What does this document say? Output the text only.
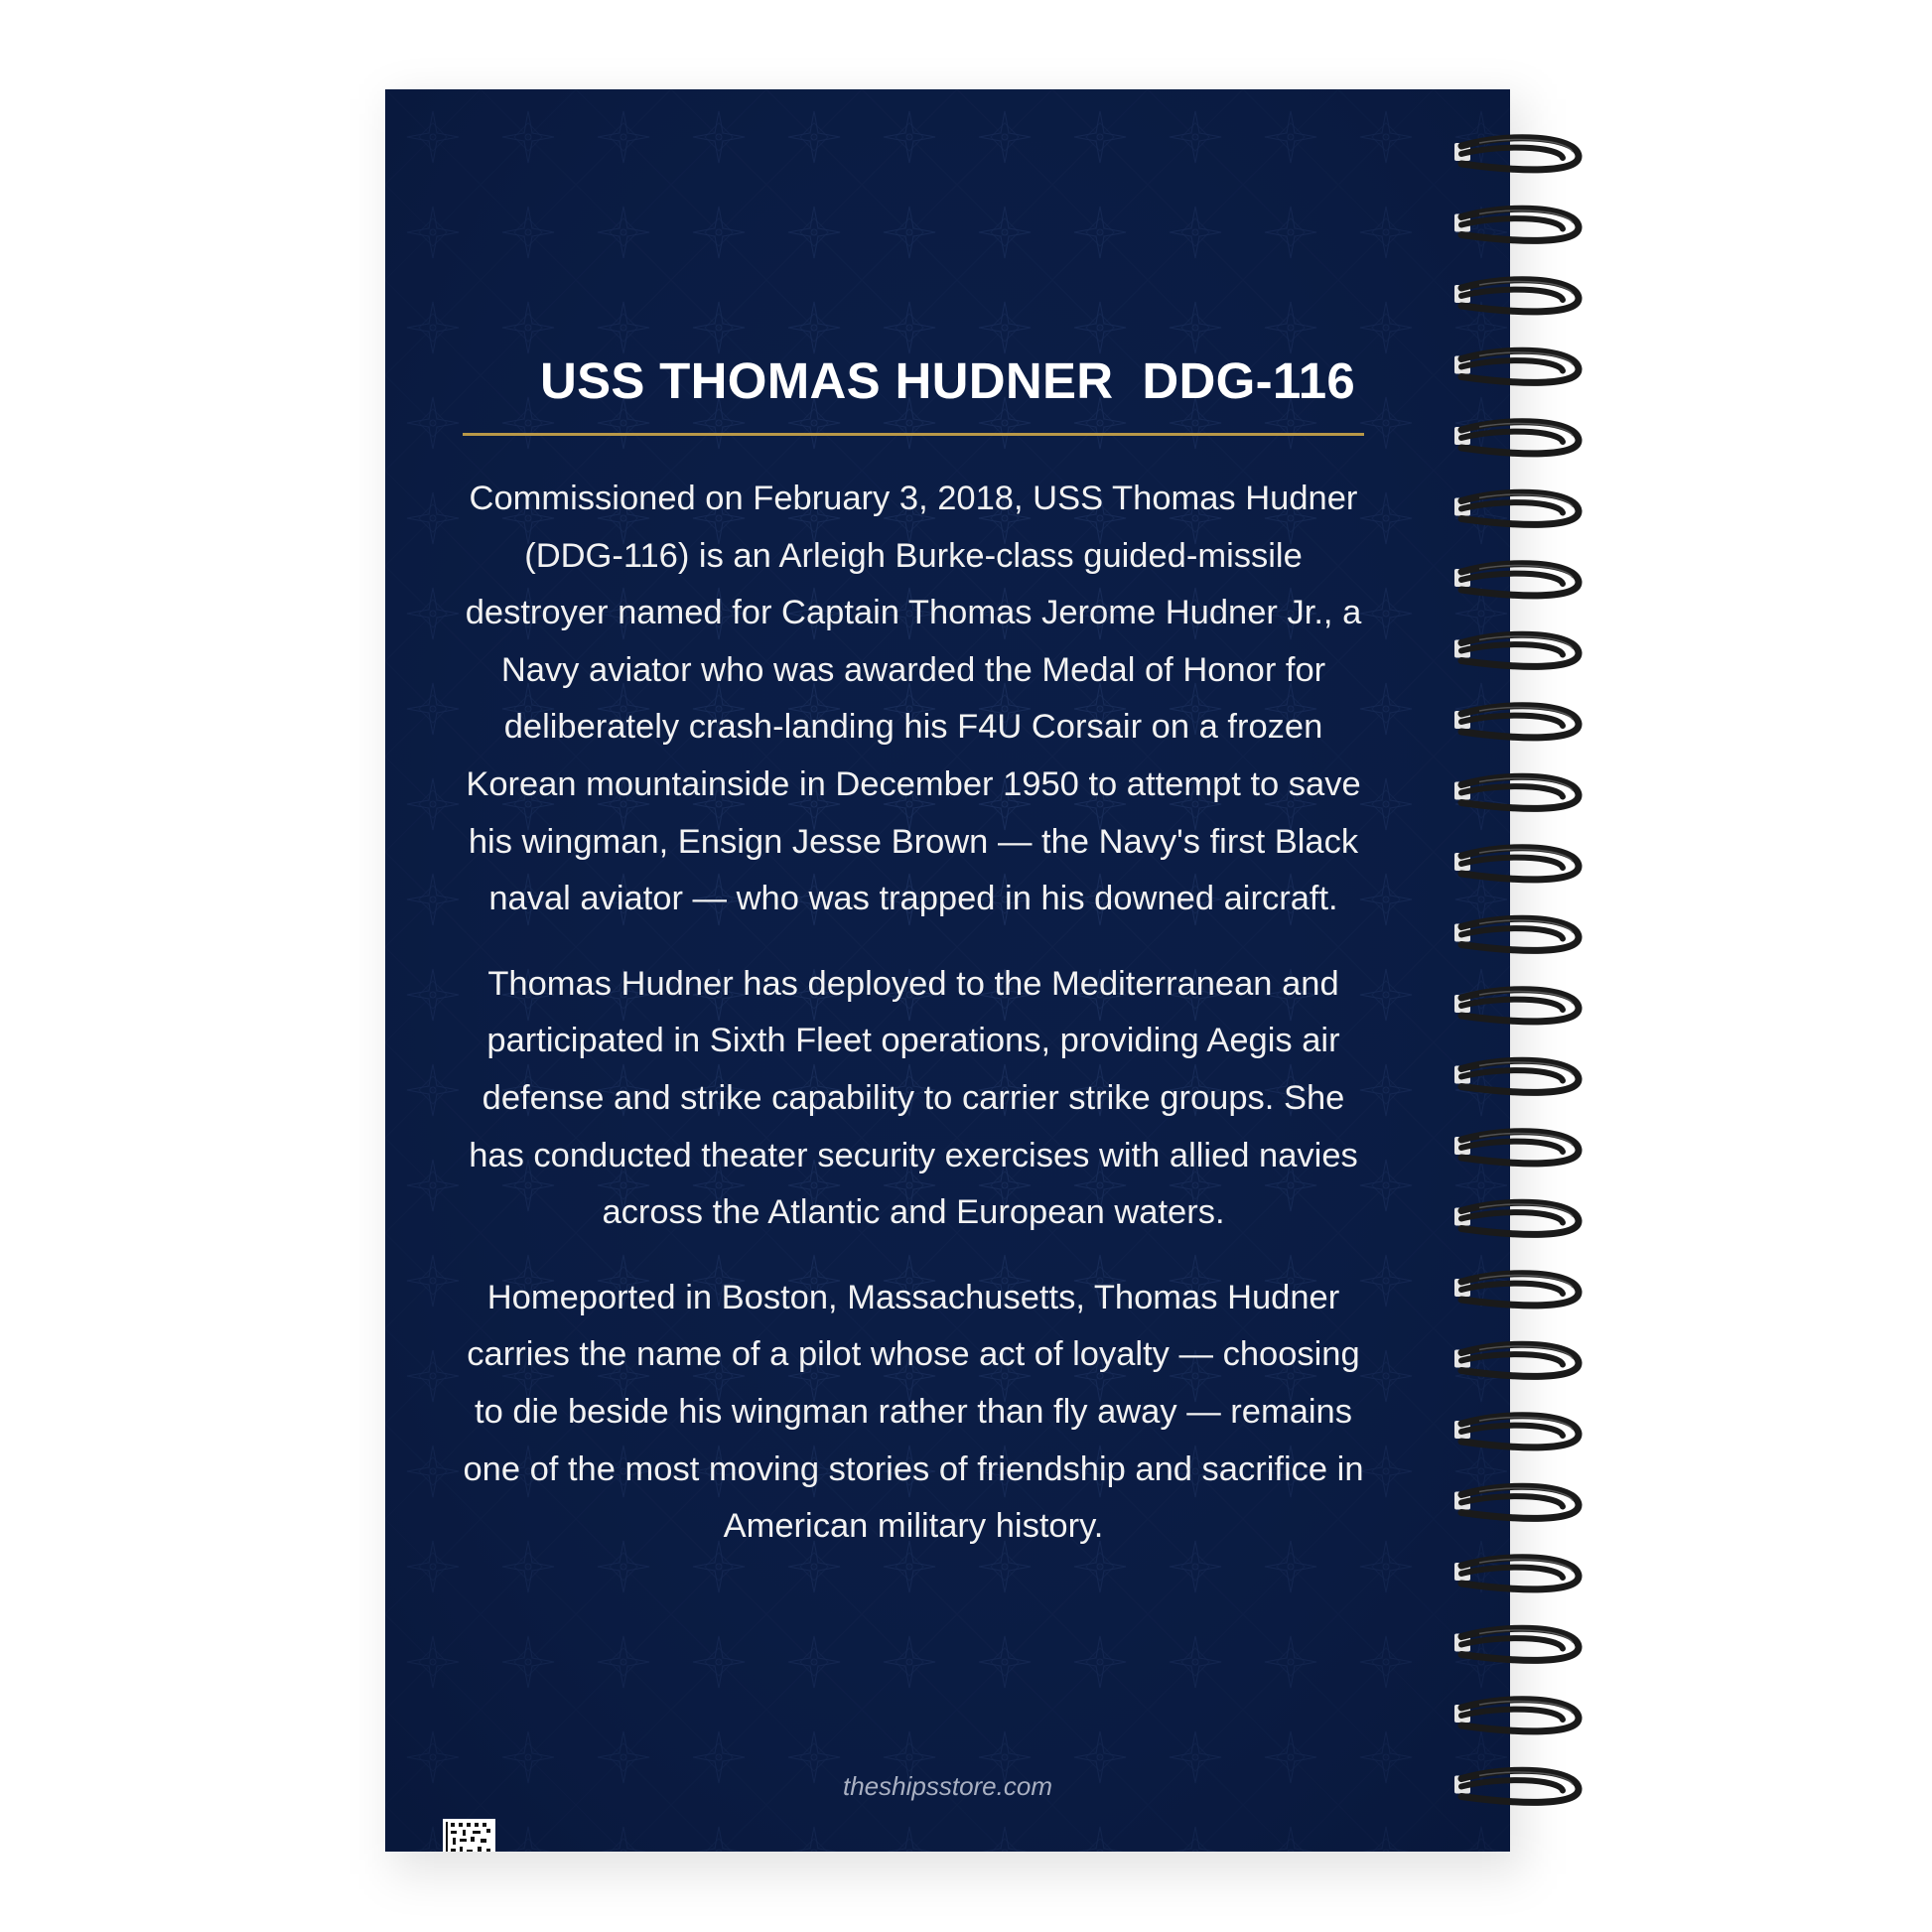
USS THOMAS HUDNER  DDG-116

Commissioned on February 3, 2018, USS Thomas Hudner (DDG-116) is an Arleigh Burke-class guided-missile destroyer named for Captain Thomas Jerome Hudner Jr., a Navy aviator who was awarded the Medal of Honor for deliberately crash-landing his F4U Corsair on a frozen Korean mountainside in December 1950 to attempt to save his wingman, Ensign Jesse Brown — the Navy's first Black naval aviator — who was trapped in his downed aircraft.

Thomas Hudner has deployed to the Mediterranean and participated in Sixth Fleet operations, providing Aegis air defense and strike capability to carrier strike groups. She has conducted theater security exercises with allied navies across the Atlantic and European waters.

Homeported in Boston, Massachusetts, Thomas Hudner carries the name of a pilot whose act of loyalty — choosing to die beside his wingman rather than fly away — remains one of the most moving stories of friendship and sacrifice in American military history.

theshipsstore.com
